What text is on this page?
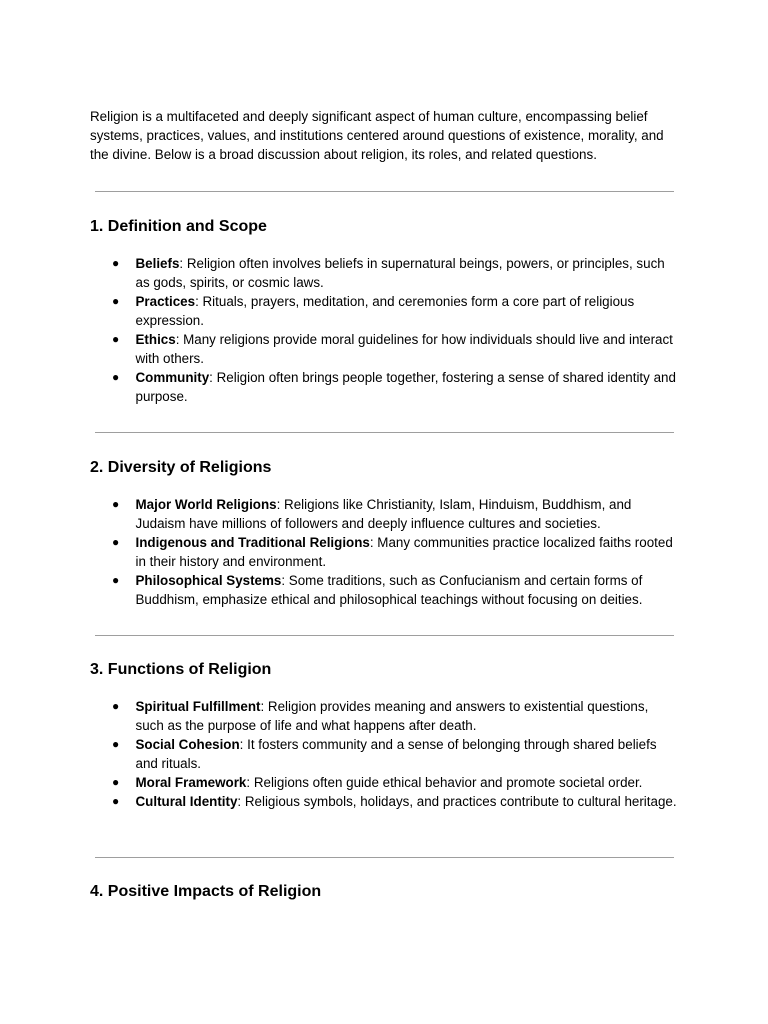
Religion is a multifaceted and deeply significant aspect of human culture, encompassing belief systems, practices, values, and institutions centered around questions of existence, morality, and the divine. Below is a broad discussion about religion, its roles, and related questions.

1. Definition and Scope
● Beliefs: Religion often involves beliefs in supernatural beings, powers, or principles, such as gods, spirits, or cosmic laws.
● Practices: Rituals, prayers, meditation, and ceremonies form a core part of religious expression.
● Ethics: Many religions provide moral guidelines for how individuals should live and interact with others.
● Community: Religion often brings people together, fostering a sense of shared identity and purpose.
2. Diversity of Religions
● Major World Religions: Religions like Christianity, Islam, Hinduism, Buddhism, and Judaism have millions of followers and deeply influence cultures and societies.
● Indigenous and Traditional Religions: Many communities practice localized faiths rooted in their history and environment.
● Philosophical Systems: Some traditions, such as Confucianism and certain forms of Buddhism, emphasize ethical and philosophical teachings without focusing on deities.
3. Functions of Religion
● Spiritual Fulfillment: Religion provides meaning and answers to existential questions, such as the purpose of life and what happens after death.
● Social Cohesion: It fosters community and a sense of belonging through shared beliefs and rituals.
● Moral Framework: Religions often guide ethical behavior and promote societal order.
● Cultural Identity: Religious symbols, holidays, and practices contribute to cultural heritage.
4. Positive Impacts of Religion
